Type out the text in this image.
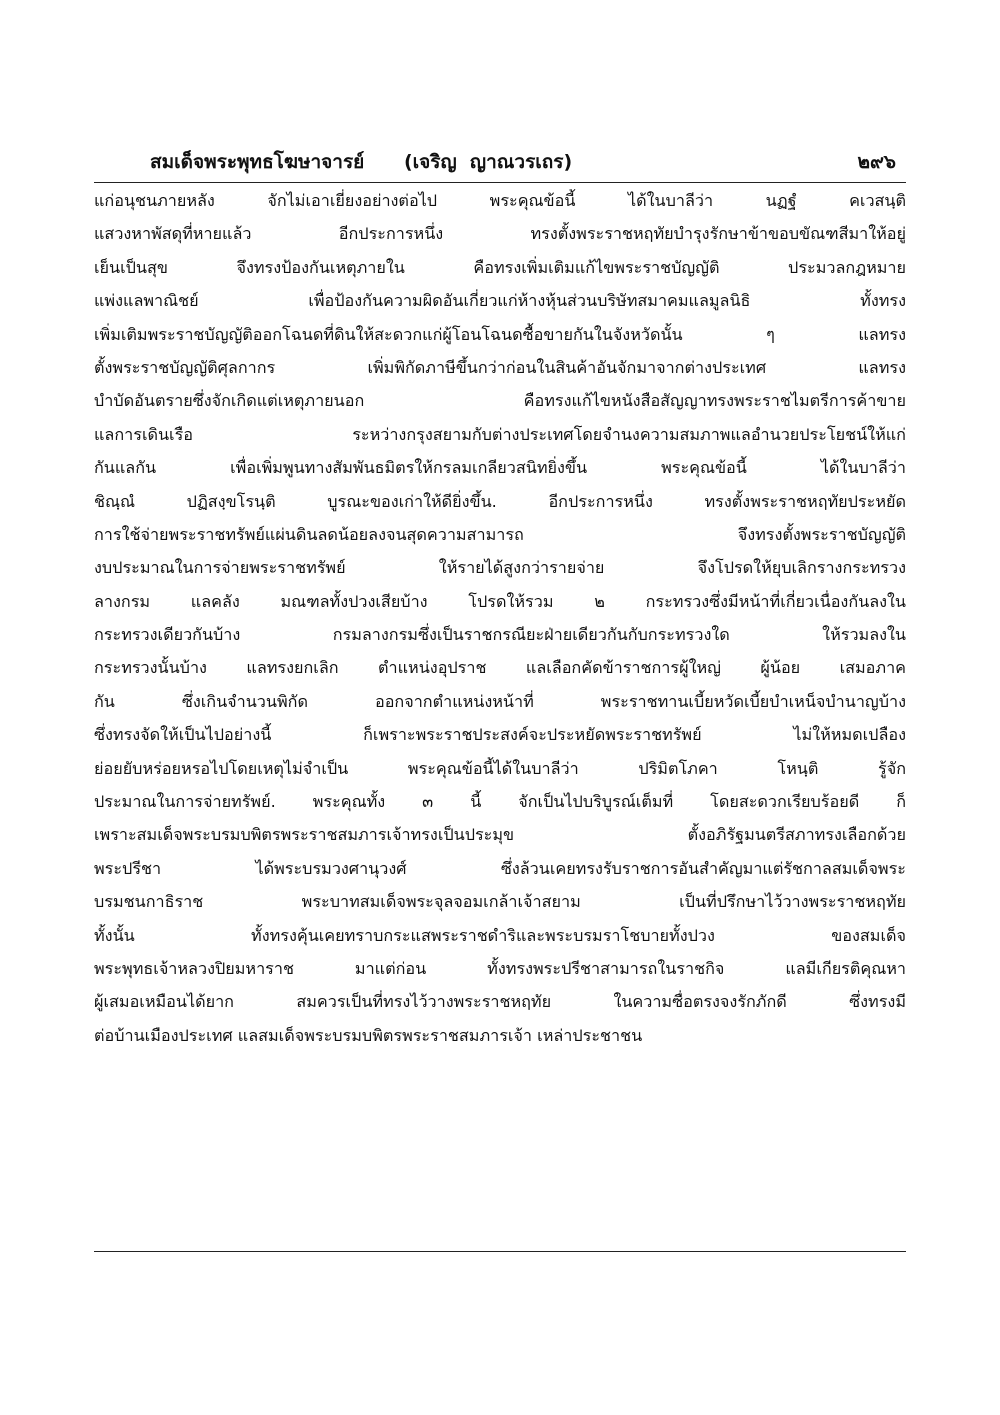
สมเด็จพระพุทธโฆษาจารย์      (เจริญ  ญาณวรเถร)	๒๙๖
แก่อนุชนภายหลัง จักไม่เอาเยี่ยงอย่างต่อไป พระคุณข้อนี้ ได้ในบาลีว่า นฏฐํ คเวสนฺติ
แสวงหาพัสดุที่หายแล้ว อีกประการหนึ่ง ทรงตั้งพระราชหฤทัยบำรุงรักษาข้าขอบขัณฑสีมาให้อยู่
เย็นเป็นสุข จึงทรงป้องกันเหตุภายใน คือทรงเพิ่มเติมแก้ไขพระราชบัญญัติ ประมวลกฎหมาย
แพ่งแลพาณิชย์ เพื่อป้องกันความผิดอันเกี่ยวแก่ห้างหุ้นส่วนบริษัทสมาคมแลมูลนิธิ ทั้งทรง
เพิ่มเติมพระราชบัญญัติออกโฉนดที่ดินให้สะดวกแก่ผู้โอนโฉนดซื้อขายกันในจังหวัดนั้น ๆ แลทรง
ตั้งพระราชบัญญัติศุลกากร เพิ่มพิกัดภาษีขึ้นกว่าก่อนในสินค้าอันจักมาจากต่างประเทศ แลทรง
บำบัดอันตรายซึ่งจักเกิดแต่เหตุภายนอก คือทรงแก้ไขหนังสือสัญญาทรงพระราชไมตรีการค้าขาย
แลการเดินเรือ ระหว่างกรุงสยามกับต่างประเทศโดยจำนงความสมภาพแลอำนวยประโยชน์ให้แก่
กันแลกัน เพื่อเพิ่มพูนทางสัมพันธมิตรให้กรลมเกลียวสนิทยิ่งขึ้น พระคุณข้อนี้ ได้ในบาลีว่า
ชิณฺณํ ปฏิสงฺขโรนฺติ บูรณะของเก่าให้ดียิ่งขึ้น. อีกประการหนึ่ง ทรงตั้งพระราชหฤทัยประหยัด
การใช้จ่ายพระราชทรัพย์แผ่นดินลดน้อยลงจนสุดความสามารถ จึงทรงตั้งพระราชบัญญัติ
งบประมาณในการจ่ายพระราชทรัพย์ ให้รายได้สูงกว่ารายจ่าย จึงโปรดให้ยุบเลิกรางกระทรวง
ลางกรม แลคลัง มณฑลทั้งปวงเสียบ้าง โปรดให้รวม ๒ กระทรวงซึ่งมีหน้าที่เกี่ยวเนื่องกันลงใน
กระทรวงเดียวกันบ้าง กรมลางกรมซึ่งเป็นราชกรณียะฝ่ายเดียวกันกับกระทรวงใด ให้รวมลงใน
กระทรวงนั้นบ้าง แลทรงยกเลิก ตำแหน่งอุปราช แลเลือกคัดข้าราชการผู้ใหญ่ ผู้น้อย เสมอภาค
กัน ซึ่งเกินจำนวนพิกัด ออกจากตำแหน่งหน้าที่ พระราชทานเบี้ยหวัดเบี้ยบำเหน็จบำนาญบ้าง
ซึ่งทรงจัดให้เป็นไปอย่างนี้ ก็เพราะพระราชประสงค์จะประหยัดพระราชทรัพย์ ไม่ให้หมดเปลือง
ย่อยยับหร่อยหรอไปโดยเหตุไม่จำเป็น พระคุณข้อนี้ได้ในบาลีว่า ปริมิตโภคา โหนฺติ รู้จัก
ประมาณในการจ่ายทรัพย์. พระคุณทั้ง ๓ นี้ จักเป็นไปบริบูรณ์เต็มที่ โดยสะดวกเรียบร้อยดี ก็
เพราะสมเด็จพระบรมบพิตรพระราชสมภารเจ้าทรงเป็นประมุข ตั้งอภิรัฐมนตรีสภาทรงเลือกด้วย
พระปรีชา ได้พระบรมวงศานุวงศ์ ซึ่งล้วนเคยทรงรับราชการอันสำคัญมาแต่รัชกาลสมเด็จพระ
บรมชนกาธิราช พระบาทสมเด็จพระจุลจอมเกล้าเจ้าสยาม เป็นที่ปรึกษาไว้วางพระราชหฤทัย
ทั้งนั้น ทั้งทรงคุ้นเคยทราบกระแสพระราชดำริและพระบรมราโชบายทั้งปวง ของสมเด็จ
พระพุทธเจ้าหลวงปิยมหาราช มาแต่ก่อน ทั้งทรงพระปรีชาสามารถในราชกิจ แลมีเกียรติคุณหา
ผู้เสมอเหมือนได้ยาก สมควรเป็นที่ทรงไว้วางพระราชหฤทัย ในความซื่อตรงจงรักภักดี ซึ่งทรงมี
ต่อบ้านเมืองประเทศ แลสมเด็จพระบรมบพิตรพระราชสมภารเจ้า เหล่าประชาชน
